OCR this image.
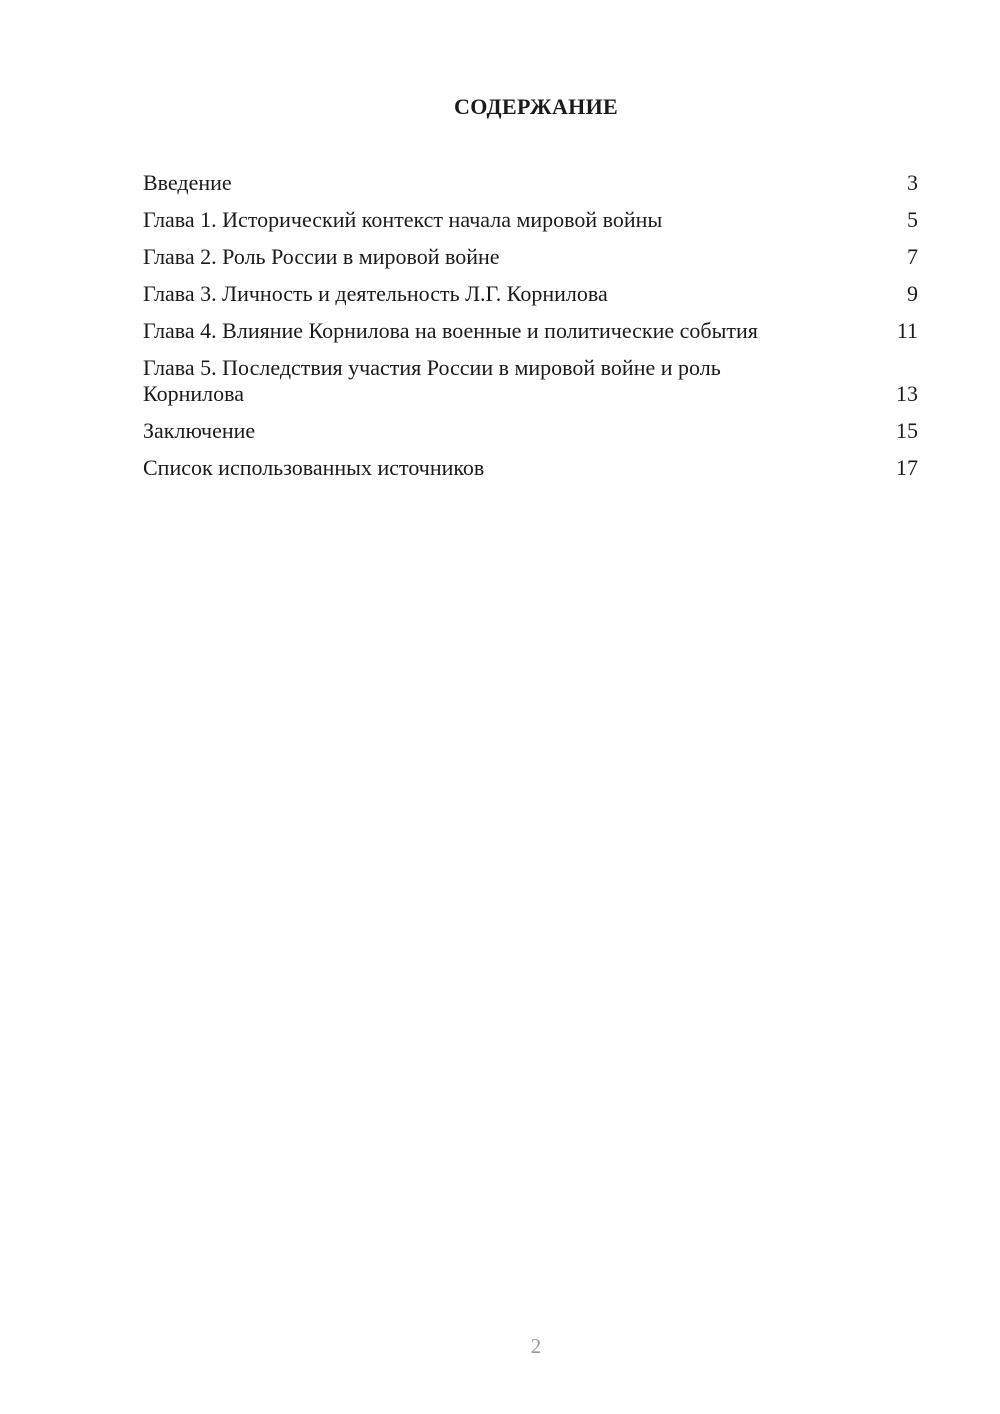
СОДЕРЖАНИЕ
Введение	3
Глава 1. Исторический контекст начала мировой войны	5
Глава 2. Роль России в мировой войне	7
Глава 3. Личность и деятельность Л.Г. Корнилова	9
Глава 4. Влияние Корнилова на военные и политические события	11
Глава 5. Последствия участия России в мировой войне и роль Корнилова	13
Заключение	15
Список использованных источников	17
2
